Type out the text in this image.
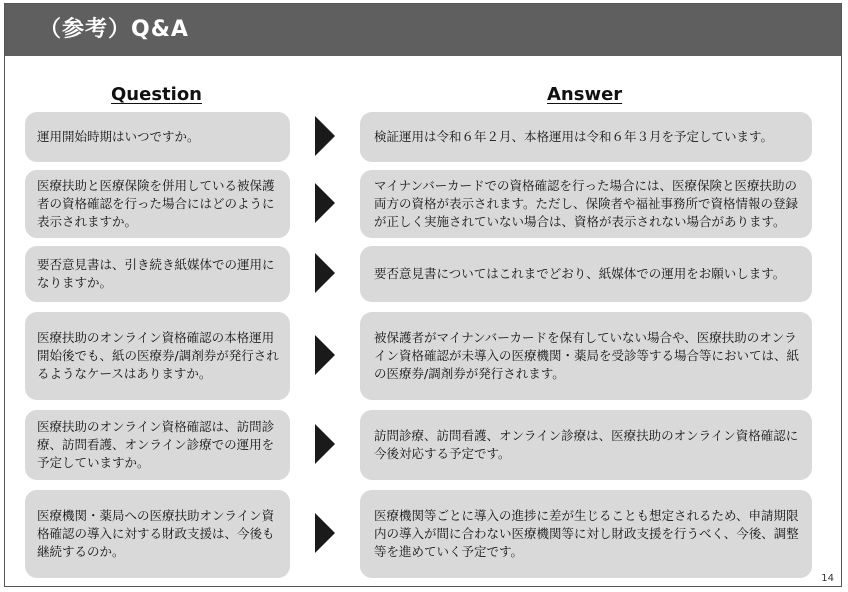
（参考）Q&A
Question	Answer
運用開始時期はいつですか。	検証運用は令和６年２月、本格運用は令和６年３月を予定しています。
医療扶助と医療保険を併用している被保護者の資格確認を行った場合にはどのように表示されますか。
マイナンバーカードでの資格確認を行った場合には、医療保険と医療扶助の両方の資格が表示されます。ただし、保険者や福祉事務所で資格情報の登録が正しく実施されていない場合は、資格が表示されない場合があります。
要否意見書は、引き続き紙媒体での運用になりますか。
要否意見書についてはこれまでどおり、紙媒体での運用をお願いします。
医療扶助のオンライン資格確認の本格運用開始後でも、紙の医療券/調剤券が発行されるようなケースはありますか。
被保護者がマイナンバーカードを保有していない場合や、医療扶助のオンライン資格確認が未導入の医療機関・薬局を受診等する場合等においては、紙の医療券/調剤券が発行されます。
医療扶助のオンライン資格確認は、訪問診療、訪問看護、オンライン診療での運用を予定していますか。
訪問診療、訪問看護、オンライン診療は、医療扶助のオンライン資格確認に今後対応する予定です。
医療機関・薬局への医療扶助オンライン資格確認の導入に対する財政支援は、今後も継続するのか。
医療機関等ごとに導入の進捗に差が生じることも想定されるため、申請期限内の導入が間に合わない医療機関等に対し財政支援を行うべく、今後、調整等を進めていく予定です。
14
